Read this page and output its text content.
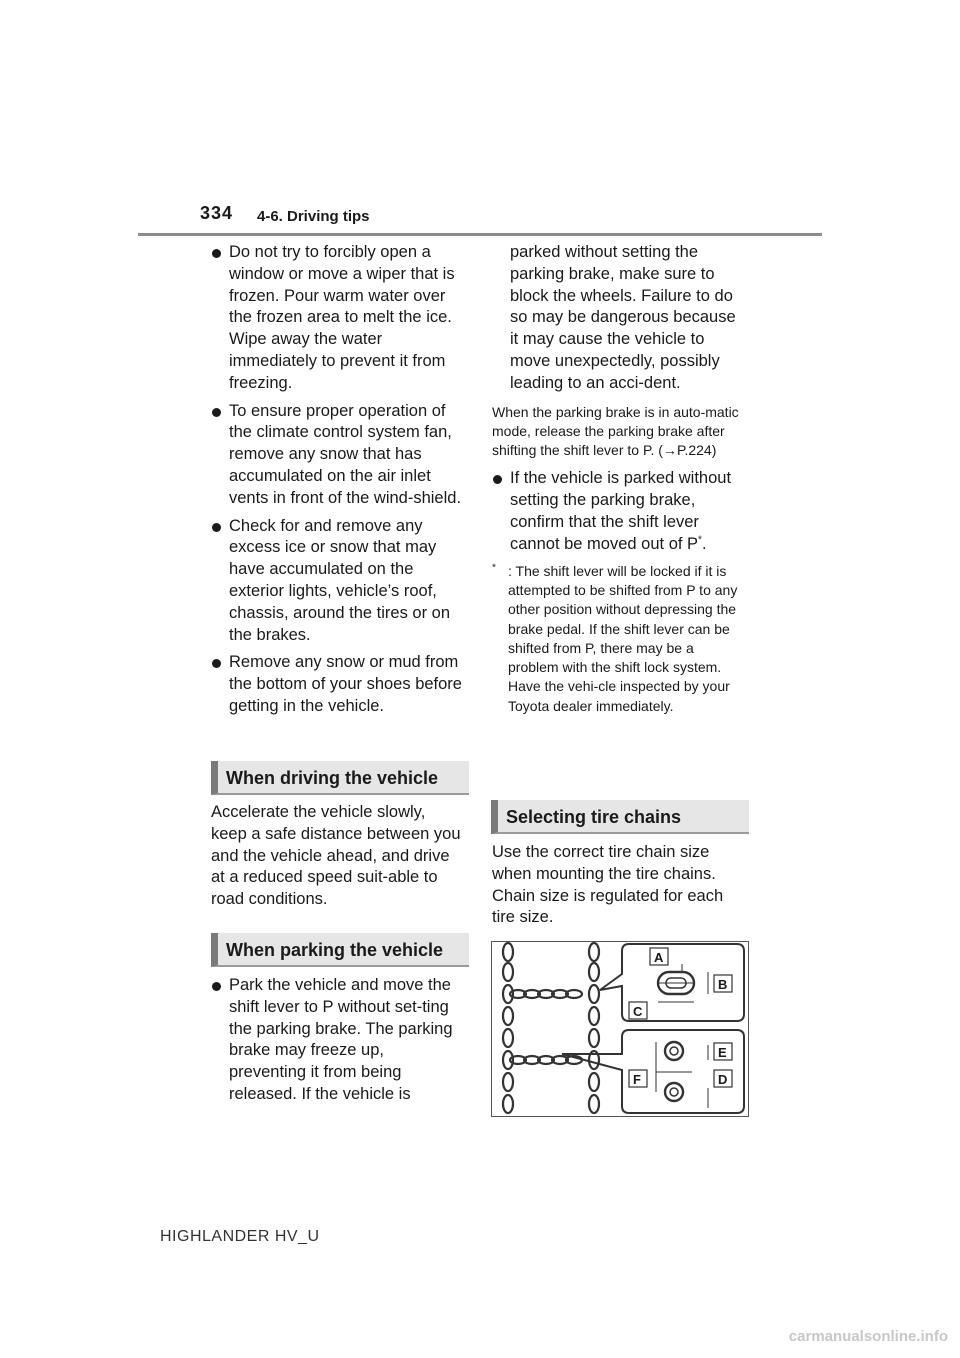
334 4-6. Driving tips
Do not try to forcibly open a window or move a wiper that is frozen. Pour warm water over the frozen area to melt the ice. Wipe away the water immediately to prevent it from freezing.
To ensure proper operation of the climate control system fan, remove any snow that has accumulated on the air inlet vents in front of the wind-shield.
Check for and remove any excess ice or snow that may have accumulated on the exterior lights, vehicle’s roof, chassis, around the tires or on the brakes.
Remove any snow or mud from the bottom of your shoes before getting in the vehicle.
When driving the vehicle

Accelerate the vehicle slowly, keep a safe distance between you and the vehicle ahead, and drive at a reduced speed suit-able to road conditions.

When parking the vehicle
Park the vehicle and move the shift lever to P without set-ting the parking brake. The parking brake may freeze up, preventing it from being released. If the vehicle is

parked without setting the parking brake, make sure to block the wheels. Failure to do so may be dangerous because it may cause the vehicle to move unexpectedly, possibly leading to an acci-dent.

When the parking brake is in auto-matic mode, release the parking brake after shifting the shift lever to P. (→P.224)

If the vehicle is parked without setting the parking brake, confirm that the shift lever cannot be moved out of P*.
* : The shift lever will be locked if it is attempted to be shifted from P to any other position without depressing the brake pedal. If the shift lever can be shifted from P, there may be a problem with the shift lock system. Have the vehi-cle inspected by your Toyota dealer immediately.
Selecting tire chains

Use the correct tire chain size when mounting the tire chains. Chain size is regulated for each tire size.

A
B
C
E
F	D
HIGHLANDER HV_U
carmanualsonline.info
